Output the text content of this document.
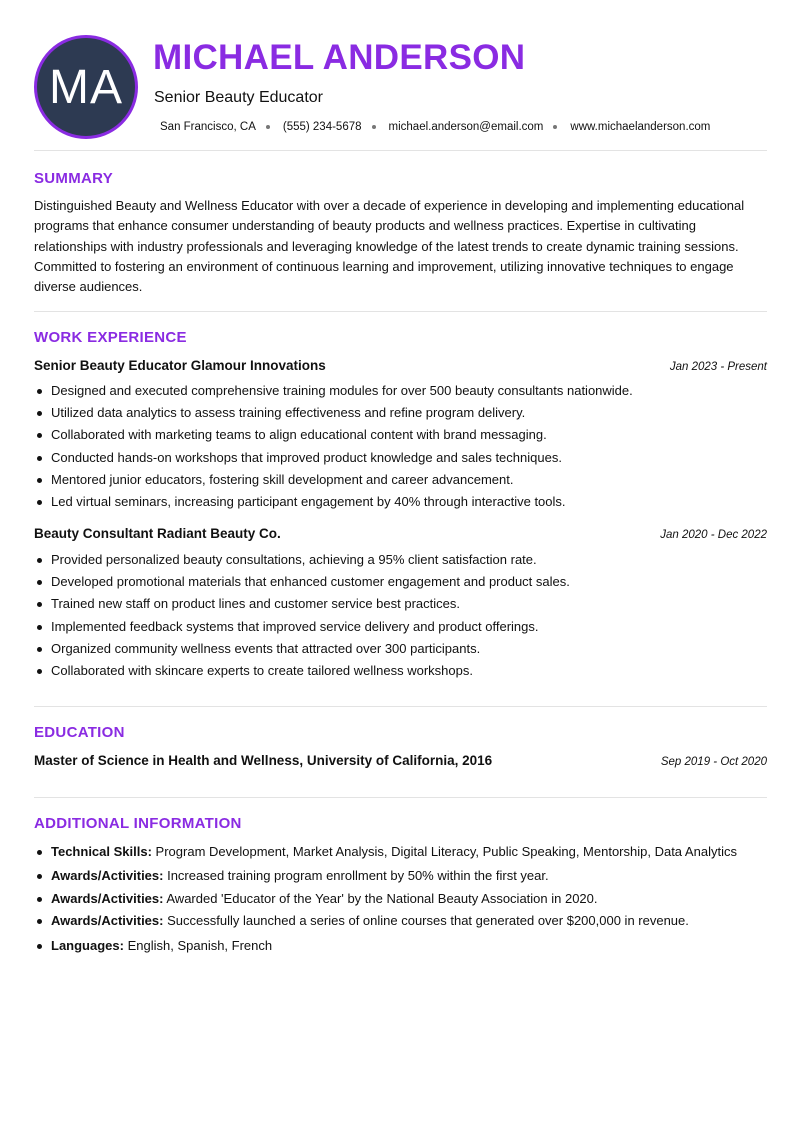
MA
MICHAEL ANDERSON
Senior Beauty Educator
San Francisco, CA (555) 234-5678 michael.anderson@email.com www.michaelanderson.com
SUMMARY
Distinguished Beauty and Wellness Educator with over a decade of experience in developing and implementing educational programs that enhance consumer understanding of beauty products and wellness practices. Expertise in cultivating relationships with industry professionals and leveraging knowledge of the latest trends to create dynamic training sessions. Committed to fostering an environment of continuous learning and improvement, utilizing innovative techniques to engage diverse audiences.
WORK EXPERIENCE
Senior Beauty Educator Glamour Innovations	Jan 2023 - Present
Designed and executed comprehensive training modules for over 500 beauty consultants nationwide.
Utilized data analytics to assess training effectiveness and refine program delivery.
Collaborated with marketing teams to align educational content with brand messaging.
Conducted hands-on workshops that improved product knowledge and sales techniques.
Mentored junior educators, fostering skill development and career advancement.
Led virtual seminars, increasing participant engagement by 40% through interactive tools.
Beauty Consultant Radiant Beauty Co.	Jan 2020 - Dec 2022
Provided personalized beauty consultations, achieving a 95% client satisfaction rate.
Developed promotional materials that enhanced customer engagement and product sales.
Trained new staff on product lines and customer service best practices.
Implemented feedback systems that improved service delivery and product offerings.
Organized community wellness events that attracted over 300 participants.
Collaborated with skincare experts to create tailored wellness workshops.
EDUCATION
Master of Science in Health and Wellness, University of California, 2016	Sep 2019 - Oct 2020
ADDITIONAL INFORMATION
Technical Skills: Program Development, Market Analysis, Digital Literacy, Public Speaking, Mentorship, Data Analytics
Awards/Activities: Increased training program enrollment by 50% within the first year.
Awards/Activities: Awarded 'Educator of the Year' by the National Beauty Association in 2020.
Awards/Activities: Successfully launched a series of online courses that generated over $200,000 in revenue.
Languages: English, Spanish, French
